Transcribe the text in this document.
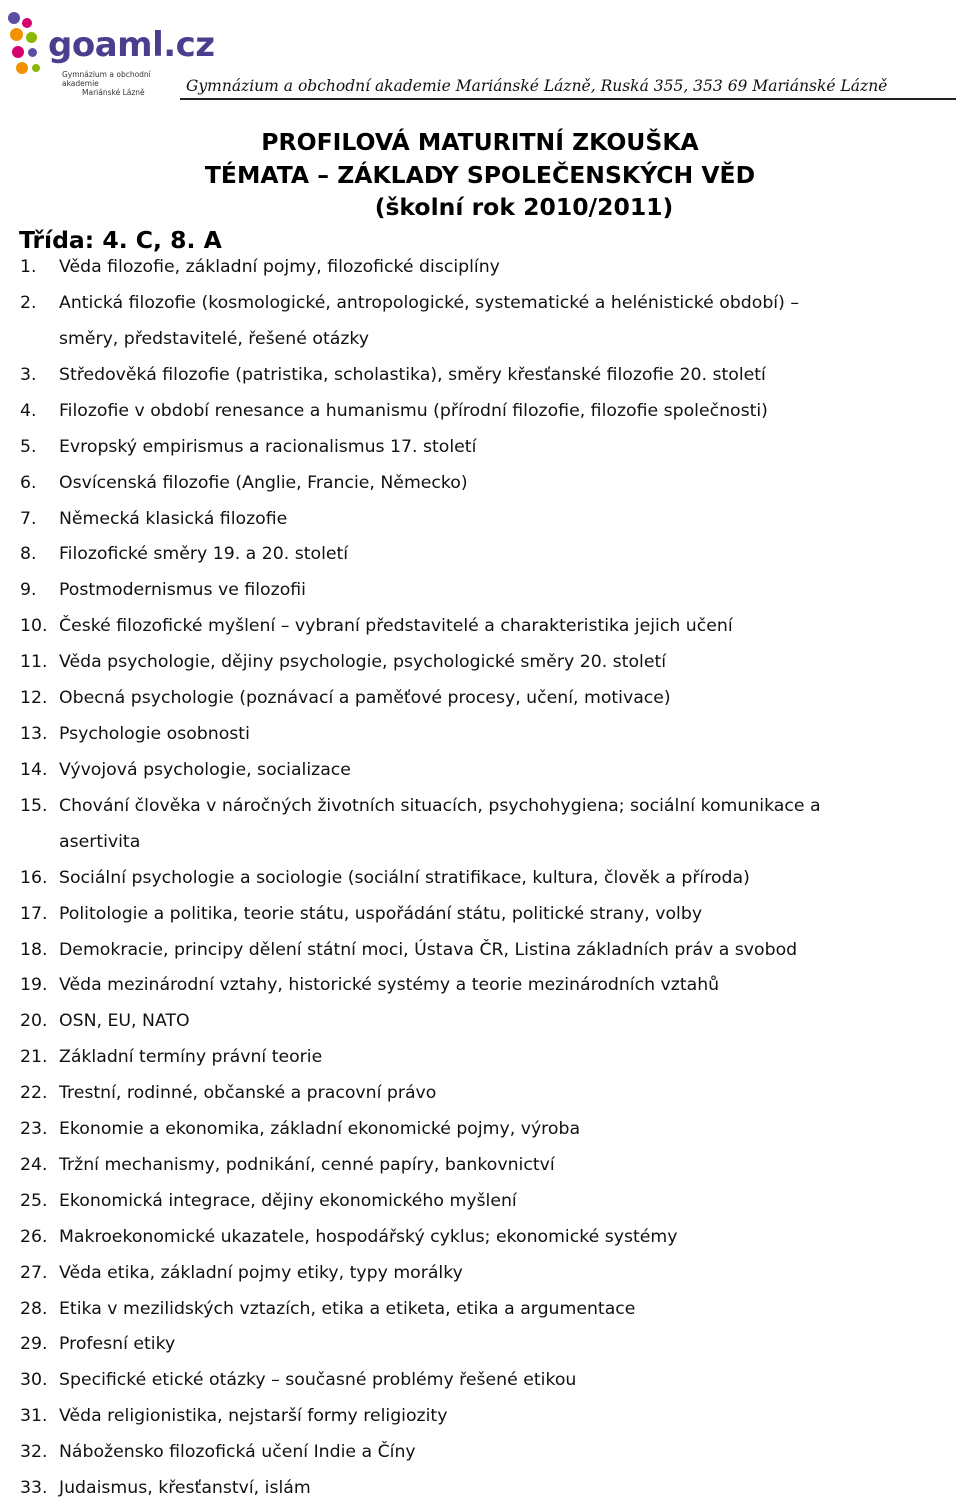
goaml.cz
Gymnázium a obchodní akademie
Mariánské Lázně	Gymnázium a obchodní akademie Mariánské Lázně, Ruská 355, 353 69 Mariánské Lázně
PROFILOVÁ MATURITNÍ ZKOUŠKA
TÉMATA – ZÁKLADY SPOLEČENSKÝCH VĚD
(školní rok 2010/2011)
Třída: 4. C, 8. A
1. Věda filozofie, základní pojmy, filozofické disciplíny
2. Antická filozofie (kosmologické, antropologické, systematické a helénistické období) –
směry, představitelé, řešené otázky
3. Středověká filozofie (patristika, scholastika), směry křesťanské filozofie 20. století
4. Filozofie v období renesance a humanismu (přírodní filozofie, filozofie společnosti)
5. Evropský empirismus a racionalismus 17. století
6. Osvícenská filozofie (Anglie, Francie, Německo)
7. Německá klasická filozofie
8. Filozofické směry 19. a 20. století
9. Postmodernismus ve filozofii
10. České filozofické myšlení – vybraní představitelé a charakteristika jejich učení
11. Věda psychologie, dějiny psychologie, psychologické směry 20. století
12. Obecná psychologie (poznávací a paměťové procesy, učení, motivace)
13. Psychologie osobnosti
14. Vývojová psychologie, socializace
15. Chování člověka v náročných životních situacích, psychohygiena; sociální komunikace a
asertivita
16. Sociální psychologie a sociologie (sociální stratifikace, kultura, člověk a příroda)
17. Politologie a politika, teorie státu, uspořádání státu, politické strany, volby
18. Demokracie, principy dělení státní moci, Ústava ČR, Listina základních práv a svobod
19. Věda mezinárodní vztahy, historické systémy a teorie mezinárodních vztahů
20. OSN, EU, NATO
21. Základní termíny právní teorie
22. Trestní, rodinné, občanské a pracovní právo
23. Ekonomie a ekonomika, základní ekonomické pojmy, výroba
24. Tržní mechanismy, podnikání, cenné papíry, bankovnictví
25. Ekonomická integrace, dějiny ekonomického myšlení
26. Makroekonomické ukazatele, hospodářský cyklus; ekonomické systémy
27. Věda etika, základní pojmy etiky, typy morálky
28. Etika v mezilidských vztazích, etika a etiketa, etika a argumentace
29. Profesní etiky
30. Specifické etické otázky – současné problémy řešené etikou
31. Věda religionistika, nejstarší formy religiozity
32. Nábožensko filozofická učení Indie a Číny
33. Judaismus, křesťanství, islám
